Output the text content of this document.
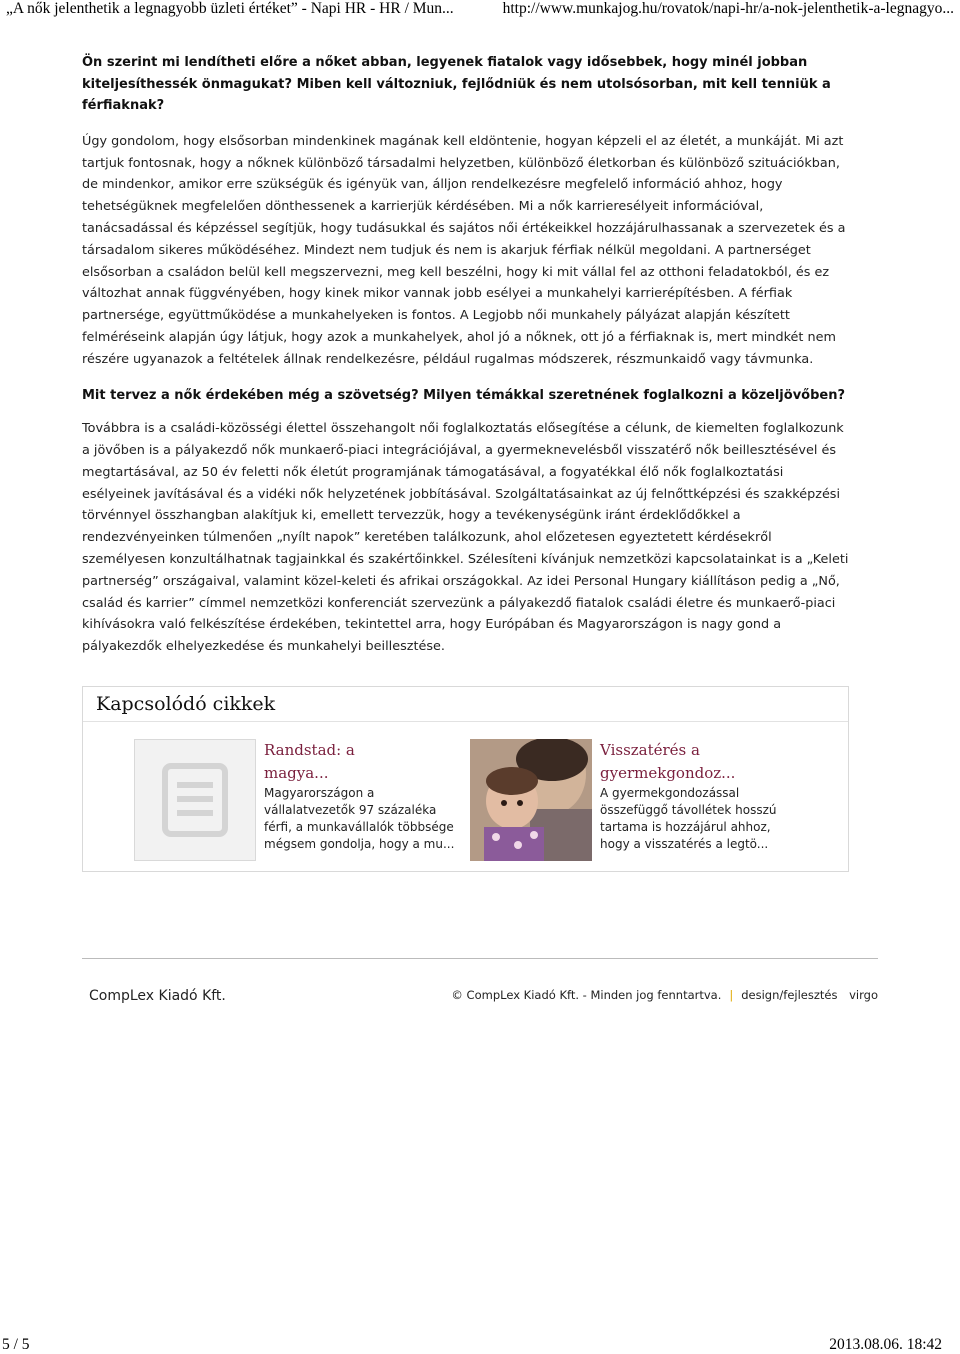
„A nők jelenthetik a legnagyobb üzleti értéket” - Napi HR - HR / Mun...	http://www.munkajog.hu/rovatok/napi-hr/a-nok-jelenthetik-a-legnagyo...

Ön szerint mi lendítheti előre a nőket abban, legyenek fiatalok vagy idősebbek, hogy minél jobban kiteljesíthessék önmagukat? Miben kell változniuk, fejlődniük és nem utolsósorban, mit kell tenniük a férfiaknak?

Úgy gondolom, hogy elsősorban mindenkinek magának kell eldöntenie, hogyan képzeli el az életét, a munkáját. Mi azt tartjuk fontosnak, hogy a nőknek különböző társadalmi helyzetben, különböző életkorban és különböző szituációkban, de mindenkor, amikor erre szükségük és igényük van, álljon rendelkezésre megfelelő információ ahhoz, hogy tehetségüknek megfelelően dönthessenek a karrierjük kérdésében. Mi a nők karrieresélyeit információval, tanácsadással és képzéssel segítjük, hogy tudásukkal és sajátos női értékeikkel hozzájárulhassanak a szervezetek és a társadalom sikeres működéséhez. Mindezt nem tudjuk és nem is akarjuk férfiak nélkül megoldani. A partnerséget elsősorban a családon belül kell megszervezni, meg kell beszélni, hogy ki mit vállal fel az otthoni feladatokból, és ez változhat annak függvényében, hogy kinek mikor vannak jobb esélyei a munkahelyi karrierépítésben. A férfiak partnersége, együttműködése a munkahelyeken is fontos. A Legjobb női munkahely pályázat alapján készített felméréseink alapján úgy látjuk, hogy azok a munkahelyek, ahol jó a nőknek, ott jó a férfiaknak is, mert mindkét nem részére ugyanazok a feltételek állnak rendelkezésre, például rugalmas módszerek, részmunkaidő vagy távmunka.

Mit tervez a nők érdekében még a szövetség? Milyen témákkal szeretnének foglalkozni a közeljövőben?

Továbbra is a családi-közösségi élettel összehangolt női foglalkoztatás elősegítése a célunk, de kiemelten foglalkozunk a jövőben is a pályakezdő nők munkaerő-piaci integrációjával, a gyermeknevelésből visszatérő nők beillesztésével és megtartásával, az 50 év feletti nők életút programjának támogatásával, a fogyatékkal élő nők foglalkoztatási esélyeinek javításával és a vidéki nők helyzetének jobbításával. Szolgáltatásainkat az új felnőttképzési és szakképzési törvénnyel összhangban alakítjuk ki, emellett tervezzük, hogy a tevékenységünk iránt érdeklődőkkel a rendezvényeinken túlmenően „nyílt napok” keretében találkozunk, ahol előzetesen egyeztetett kérdésekről személyesen konzultálhatnak tagjainkkal és szakértőinkkel. Szélesíteni kívánjuk nemzetközi kapcsolatainkat is a „Keleti partnerség” országaival, valamint közel-keleti és afrikai országokkal. Az idei Personal Hungary kiállításon pedig a „Nő, család és karrier” címmel nemzetközi konferenciát szervezünk a pályakezdő fiatalok családi életre és munkaerő-piaci kihívásokra való felkészítése érdekében, tekintettel arra, hogy Európában és Magyarországon is nagy gond a pályakezdők elhelyezkedése és munkahelyi beillesztése.

Kapcsolódó cikkek
Randstad: a magya...
Magyarországon a vállalatvezetők 97 százaléka férfi, a munkavállalók többsége mégsem gondolja, hogy a mu...
Visszatérés a gyermekgondoz...
A gyermekgondozással összefüggő távollétek hosszú tartama is hozzájárul ahhoz, hogy a visszatérés a legtö...
CompLex Kiadó Kft.	© CompLex Kiadó Kft. - Minden jog fenntartva. | design/fejlesztés virgo
5 / 5	2013.08.06. 18:42
